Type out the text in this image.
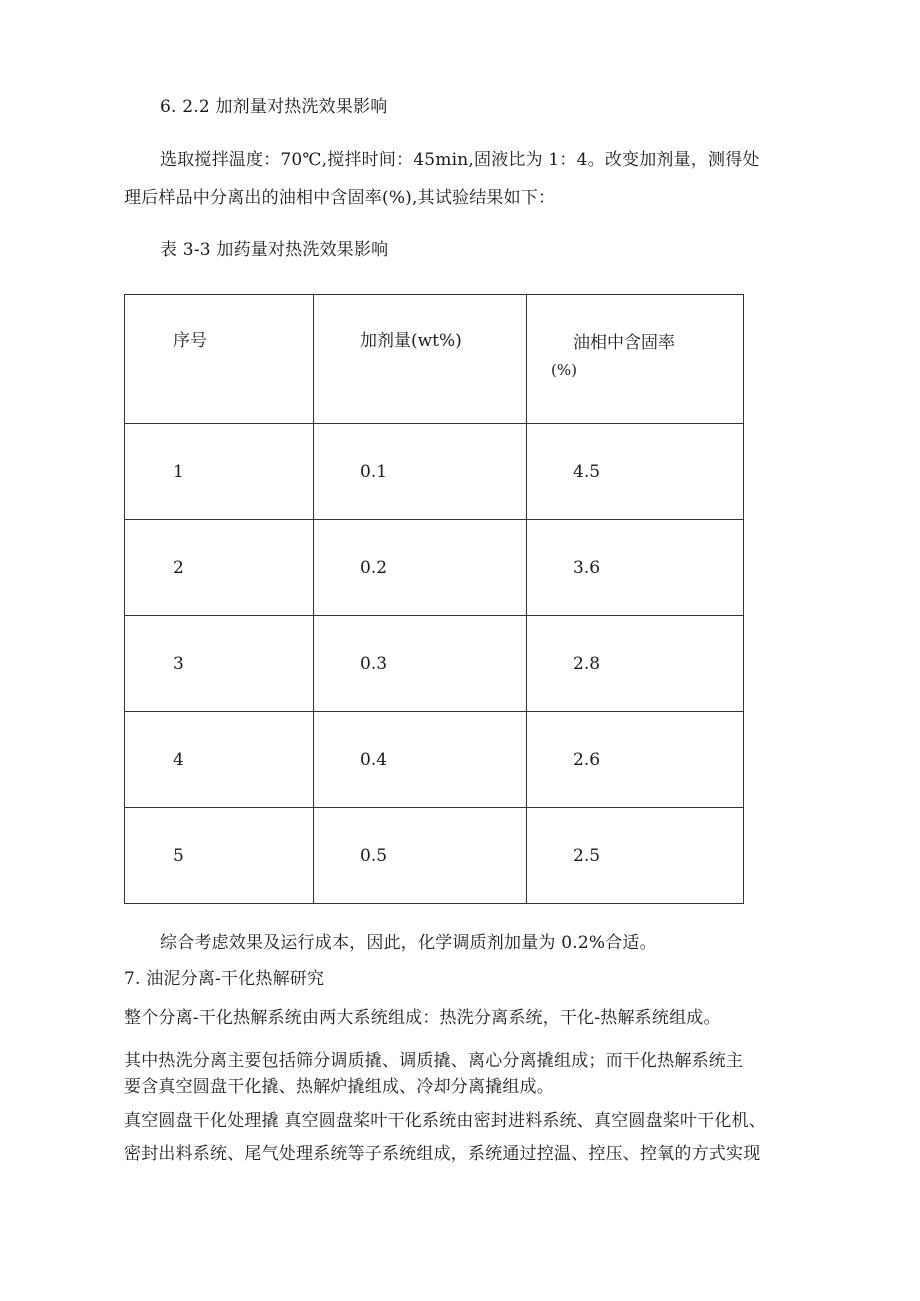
6. 2.2 加剂量对热洗效果影响
选取搅拌温度：70℃,搅拌时间：45min,固液比为 1：4。改变加剂量，测得处
理后样品中分离出的油相中含固率(%),其试验结果如下：
表 3-3 加药量对热洗效果影响
序号	加剂量(wt%)	油相中含固率
(%)

1	0.1	4.5
2	0.2	3.6
3	0.3	2.8
4	0.4	2.6
5	0.5	2.5
综合考虑效果及运行成本，因此，化学调质剂加量为 0.2%合适。
7. 油泥分离-干化热解研究
整个分离-干化热解系统由两大系统组成：热洗分离系统，干化-热解系统组成。
其中热洗分离主要包括筛分调质撬、调质撬、离心分离撬组成；而干化热解系统主
要含真空圆盘干化撬、热解炉撬组成、冷却分离撬组成。
真空圆盘干化处理撬 真空圆盘桨叶干化系统由密封进料系统、真空圆盘桨叶干化机、
密封出料系统、尾气处理系统等子系统组成，系统通过控温、控压、控氧的方式实现
